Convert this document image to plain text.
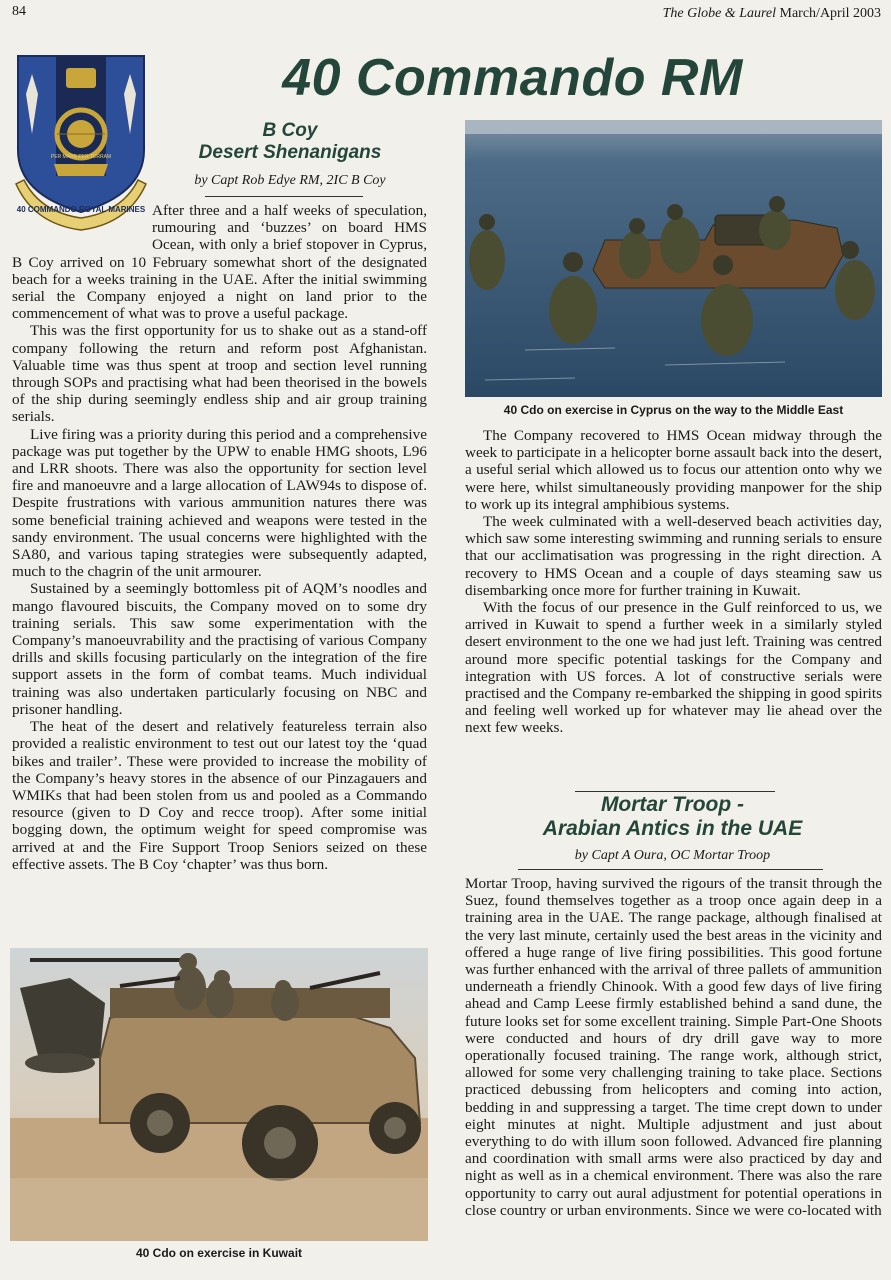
84	The Globe & Laurel March/April 2003
40 COMMANDO ROYAL MARINES
PER MARE PER TERRAM
40 Commando RM
B Coy
Desert Shenanigans
by Capt Rob Edye RM, 2IC B Coy

After three and a half weeks of speculation, rumouring and ‘buzzes’ on board HMS Ocean, with only a brief stopover in Cyprus, B Coy arrived on 10 February somewhat short of the designated beach for a weeks training in the UAE. After the initial swimming serial the Company enjoyed a night on land prior to the commencement of what was to prove a useful package.

This was the first opportunity for us to shake out as a stand-off company following the return and reform post Afghanistan. Valuable time was thus spent at troop and section level running through SOPs and practising what had been theorised in the bowels of the ship during seemingly endless ship and air group training serials.

Live firing was a priority during this period and a comprehensive package was put together by the UPW to enable HMG shoots, L96 and LRR shoots. There was also the opportunity for section level fire and manoeuvre and a large allocation of LAW94s to dispose of. Despite frustrations with various ammunition natures there was some beneficial training achieved and weapons were tested in the sandy environment. The usual concerns were highlighted with the SA80, and various taping strategies were subsequently adapted, much to the chagrin of the unit armourer.

Sustained by a seemingly bottomless pit of AQM’s noodles and mango flavoured biscuits, the Company moved on to some dry training serials. This saw some experimentation with the Company’s manoeuvrability and the practising of various Company drills and skills focusing particularly on the integration of the fire support assets in the form of combat teams. Much individual training was also undertaken particularly focusing on NBC and prisoner handling.

The heat of the desert and relatively featureless terrain also provided a realistic environment to test out our latest toy the ‘quad bikes and trailer’. These were provided to increase the mobility of the Company’s heavy stores in the absence of our Pinzagauers and WMIKs that had been stolen from us and pooled as a Commando resource (given to D Coy and recce troop). After some initial bogging down, the optimum weight for speed compromise was arrived at and the Fire Support Troop Seniors seized on these effective assets. The B Coy ‘chapter’ was thus born.

40 Cdo on exercise in Cyprus on the way to the Middle East

The Company recovered to HMS Ocean midway through the week to participate in a helicopter borne assault back into the desert, a useful serial which allowed us to focus our attention onto why we were here, whilst simultaneously providing manpower for the ship to work up its integral amphibious systems.

The week culminated with a well-deserved beach activities day, which saw some interesting swimming and running serials to ensure that our acclimatisation was progressing in the right direction. A recovery to HMS Ocean and a couple of days steaming saw us disembarking once more for further training in Kuwait.

With the focus of our presence in the Gulf reinforced to us, we arrived in Kuwait to spend a further week in a similarly styled desert environment to the one we had just left. Training was centred around more specific potential taskings for the Company and integration with US forces. A lot of constructive serials were practised and the Company re-embarked the shipping in good spirits and feeling well worked up for whatever may lie ahead over the next few weeks.

Mortar Troop -
Arabian Antics in the UAE
by Capt A Oura, OC Mortar Troop

Mortar Troop, having survived the rigours of the transit through the Suez, found themselves together as a troop once again deep in a training area in the UAE. The range package, although finalised at the very last minute, certainly used the best areas in the vicinity and offered a huge range of live firing possibilities. This good fortune was further enhanced with the arrival of three pallets of ammunition underneath a friendly Chinook. With a good few days of live firing ahead and Camp Leese firmly established behind a sand dune, the future looks set for some excellent training. Simple Part-One Shoots were conducted and hours of dry drill gave way to more operationally focused training. The range work, although strict, allowed for some very challenging training to take place. Sections practiced debussing from helicopters and coming into action, bedding in and suppressing a target. The time crept down to under eight minutes at night. Multiple adjustment and just about everything to do with illum soon followed. Advanced fire planning and coordination with small arms were also practiced by day and night as well as in a chemical environment. There was also the rare opportunity to carry out aural adjustment for potential operations in close country or urban environments. Since we were co-located with

40 Cdo on exercise in Kuwait
